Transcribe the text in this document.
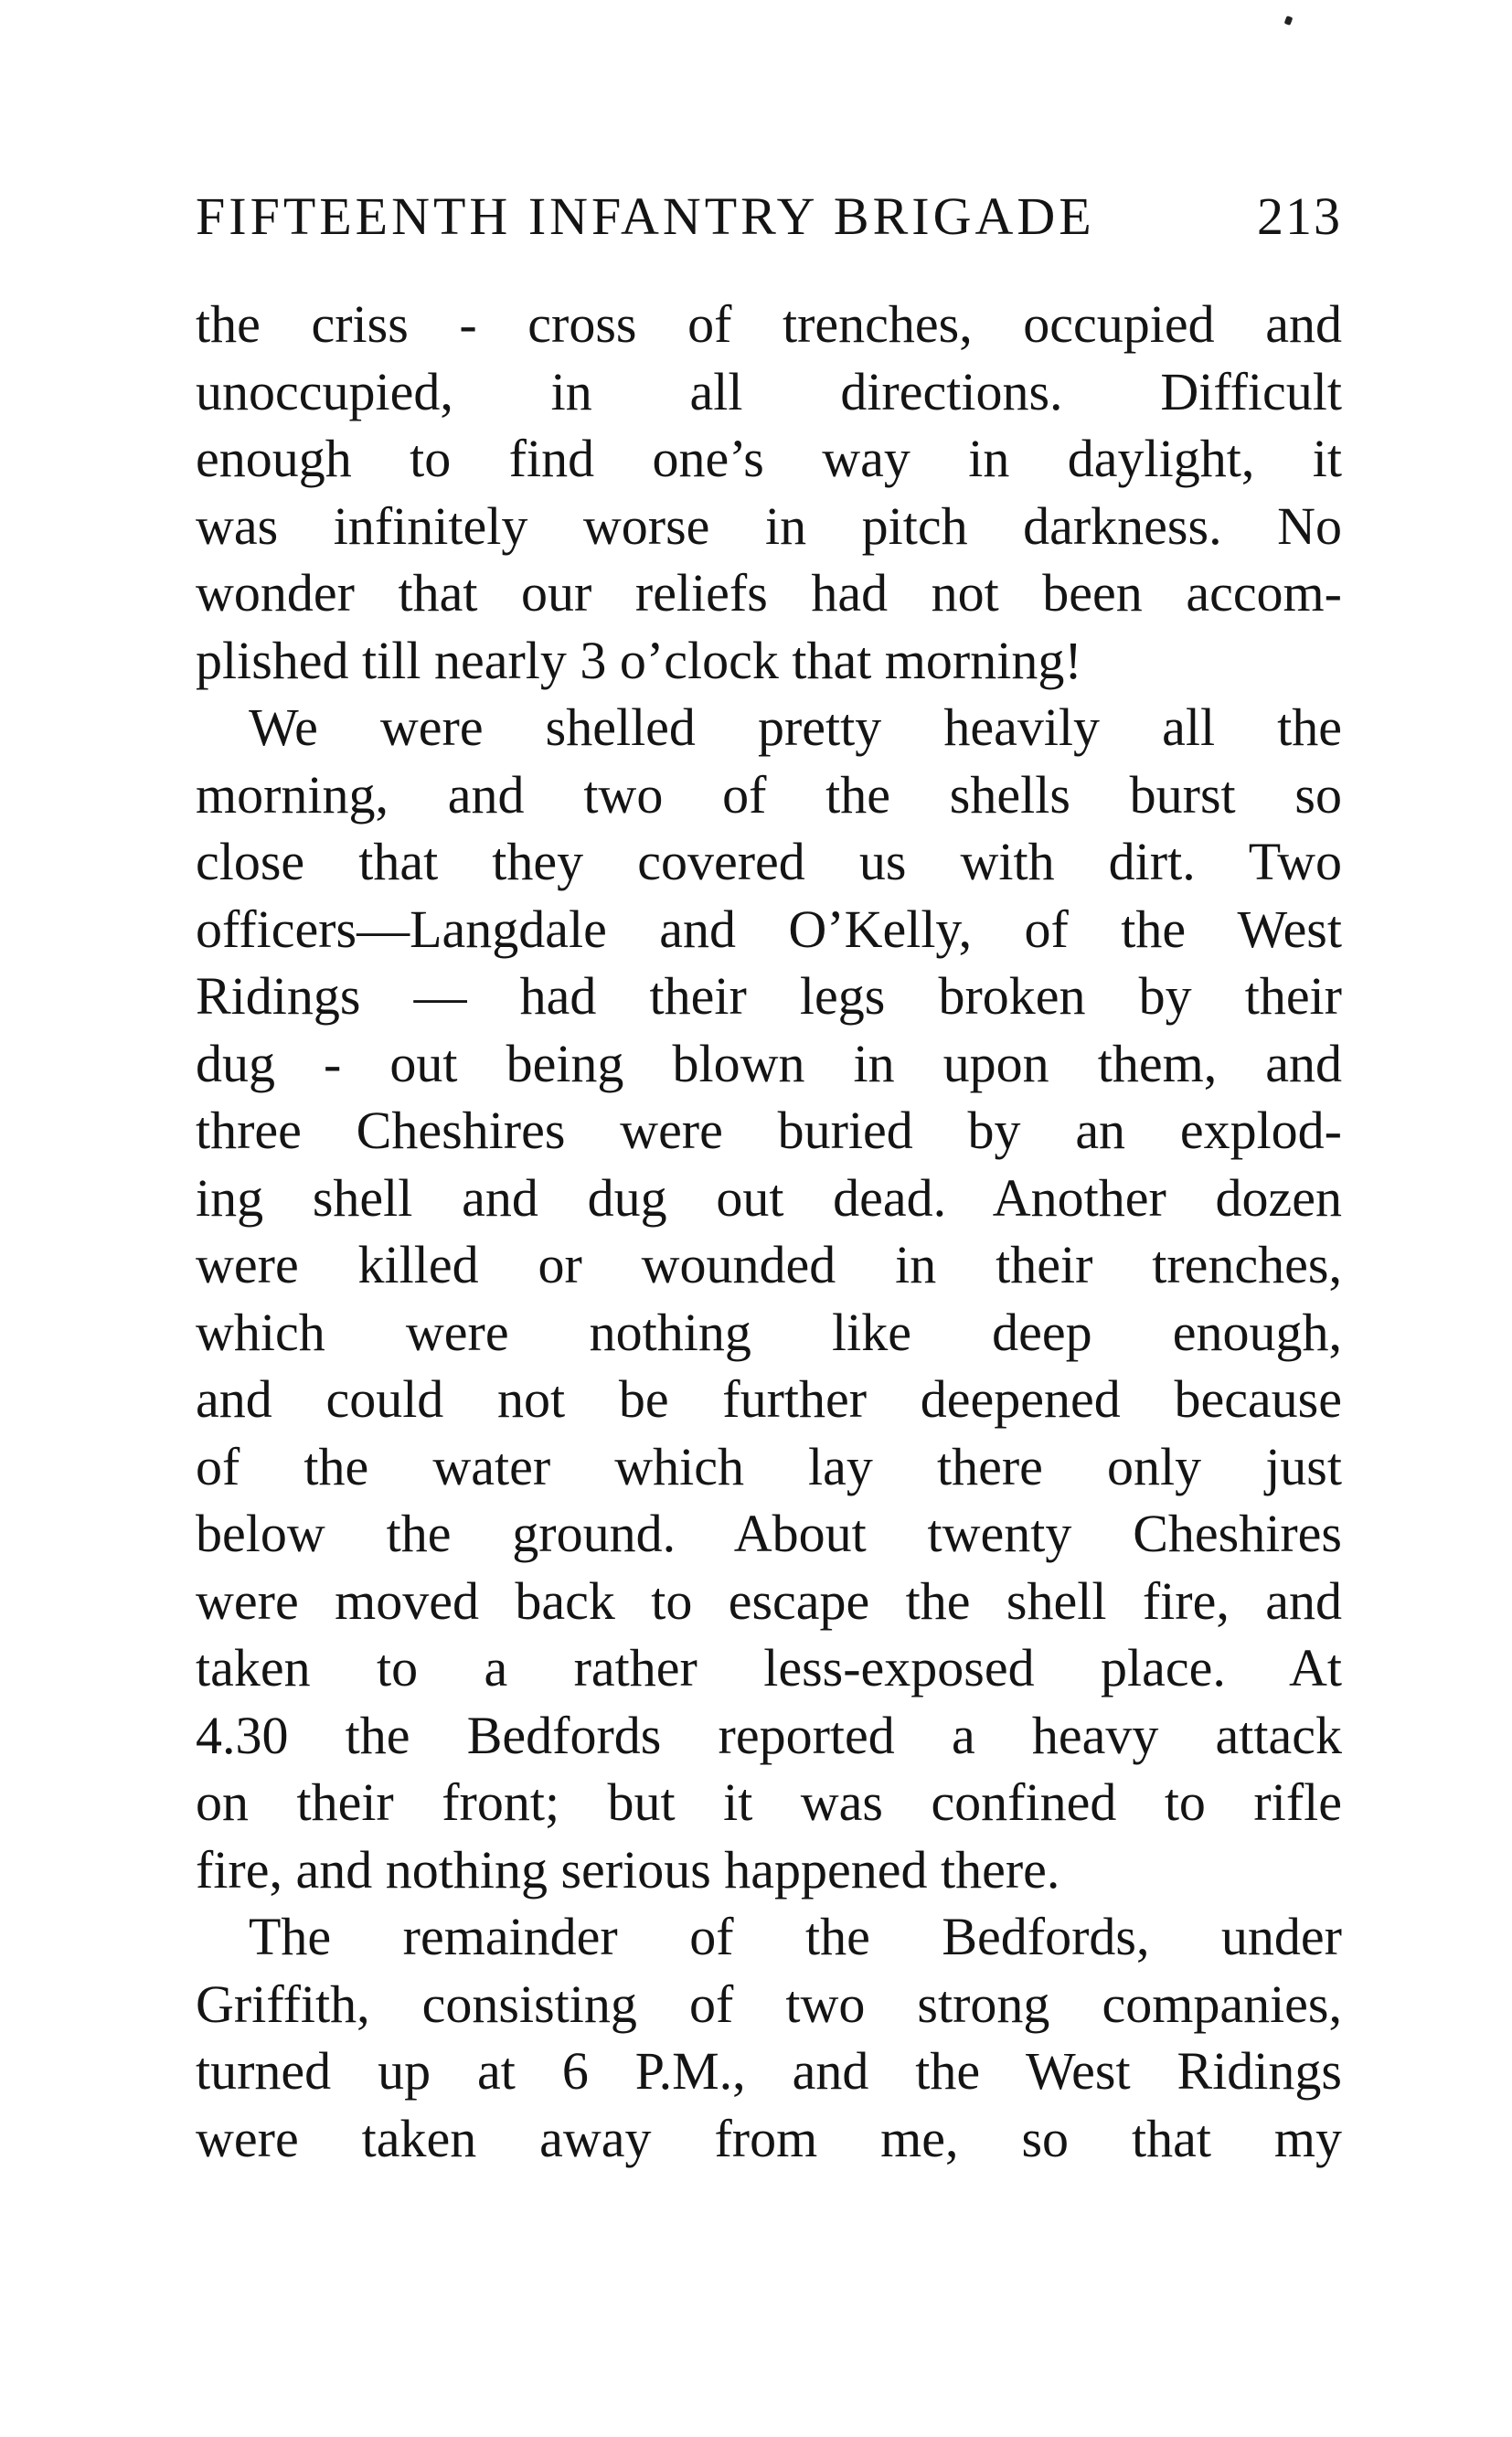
FIFTEENTH INFANTRY BRIGADE	213
the criss - cross of trenches, occupied and
unoccupied, in all directions. Difficult
enough to find one’s way in daylight, it
was infinitely worse in pitch darkness. No
wonder that our reliefs had not been accom-
plished till nearly 3 o’clock that morning!
We were shelled pretty heavily all the
morning, and two of the shells burst so
close that they covered us with dirt. Two
officers—Langdale and O’Kelly, of the West
Ridings — had their legs broken by their
dug - out being blown in upon them, and
three Cheshires were buried by an explod-
ing shell and dug out dead. Another dozen
were killed or wounded in their trenches,
which were nothing like deep enough,
and could not be further deepened because
of the water which lay there only just
below the ground. About twenty Cheshires
were moved back to escape the shell fire, and
taken to a rather less-exposed place. At
4.30 the Bedfords reported a heavy attack
on their front; but it was confined to rifle
fire, and nothing serious happened there.
The remainder of the Bedfords, under
Griffith, consisting of two strong companies,
turned up at 6 P.M., and the West Ridings
were taken away from me, so that my
